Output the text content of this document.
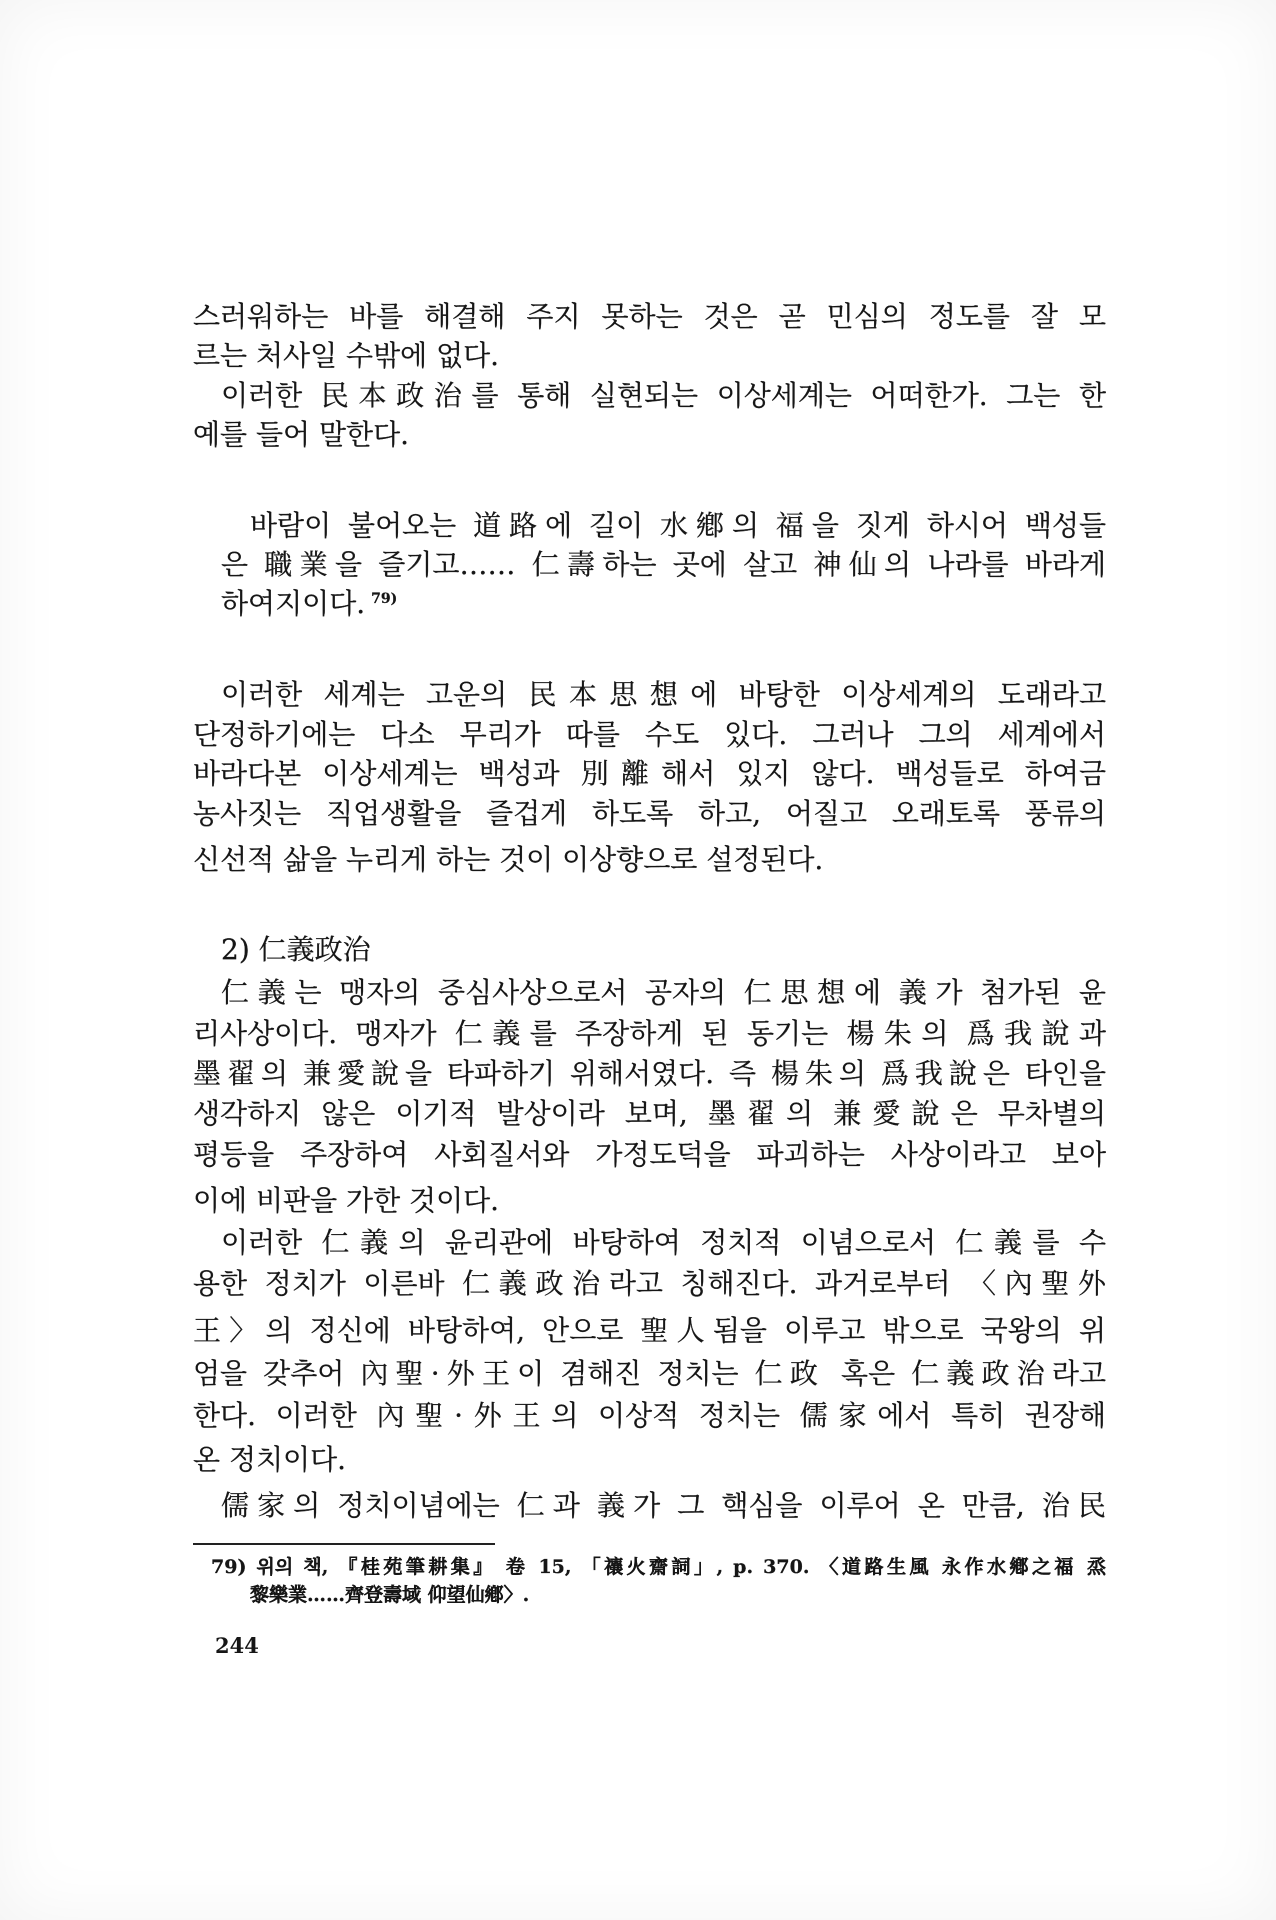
스러워하는 바를 해결해 주지 못하는 것은 곧 민심의 정도를 잘 모
르는 처사일 수밖에 없다.
이러한 民本政治를 통해 실현되는 이상세계는 어떠한가. 그는 한
예를 들어 말한다.
바람이 불어오는 道路에 길이 水鄕의 福을 짓게 하시어 백성들
은 職業을 즐기고…… 仁壽하는 곳에 살고 神仙의 나라를 바라게
하여지이다. $^{79)}$
이러한 세계는 고운의 民本思想에 바탕한 이상세계의 도래라고
단정하기에는 다소 무리가 따를 수도 있다. 그러나 그의 세계에서
바라다본 이상세계는 백성과 別離해서 있지 않다. 백성들로 하여금
농사짓는 직업생활을 즐겁게 하도록 하고, 어질고 오래토록 풍류의
신선적 삶을 누리게 하는 것이 이상향으로 설정된다.
2) 仁義政治
仁義는 맹자의 중심사상으로서 공자의 仁思想에 義가 첨가된 윤
리사상이다. 맹자가 仁義를 주장하게 된 동기는 楊朱의 爲我說과
墨翟의 兼愛說을 타파하기 위해서였다. 즉 楊朱의 爲我說은 타인을
생각하지 않은 이기적 발상이라 보며, 墨翟의 兼愛說은 무차별의
평등을 주장하여 사회질서와 가정도덕을 파괴하는 사상이라고 보아
이에 비판을 가한 것이다.
이러한 仁義의 윤리관에 바탕하여 정치적 이념으로서 仁義를 수
용한 정치가 이른바 仁義政治라고 칭해진다. 과거로부터 〈內聖外
王〉의 정신에 바탕하여, 안으로 聖人됨을 이루고 밖으로 국왕의 위
엄을 갖추어 內聖·外王이 겸해진 정치는 仁政 혹은 仁義政治라고
한다. 이러한 內聖·外王의 이상적 정치는 儒家에서 특히 권장해
온 정치이다.
儒家의 정치이념에는 仁과 義가 그 핵심을 이루어 온 만큼, 治民
79) 위의 책, 『桂苑筆耕集』 卷 15, 「禳火齋詞」, p. 370. 〈道路生風 永作水鄕之福 烝
黎樂業……齊登壽域 仰望仙鄕〉.
244
